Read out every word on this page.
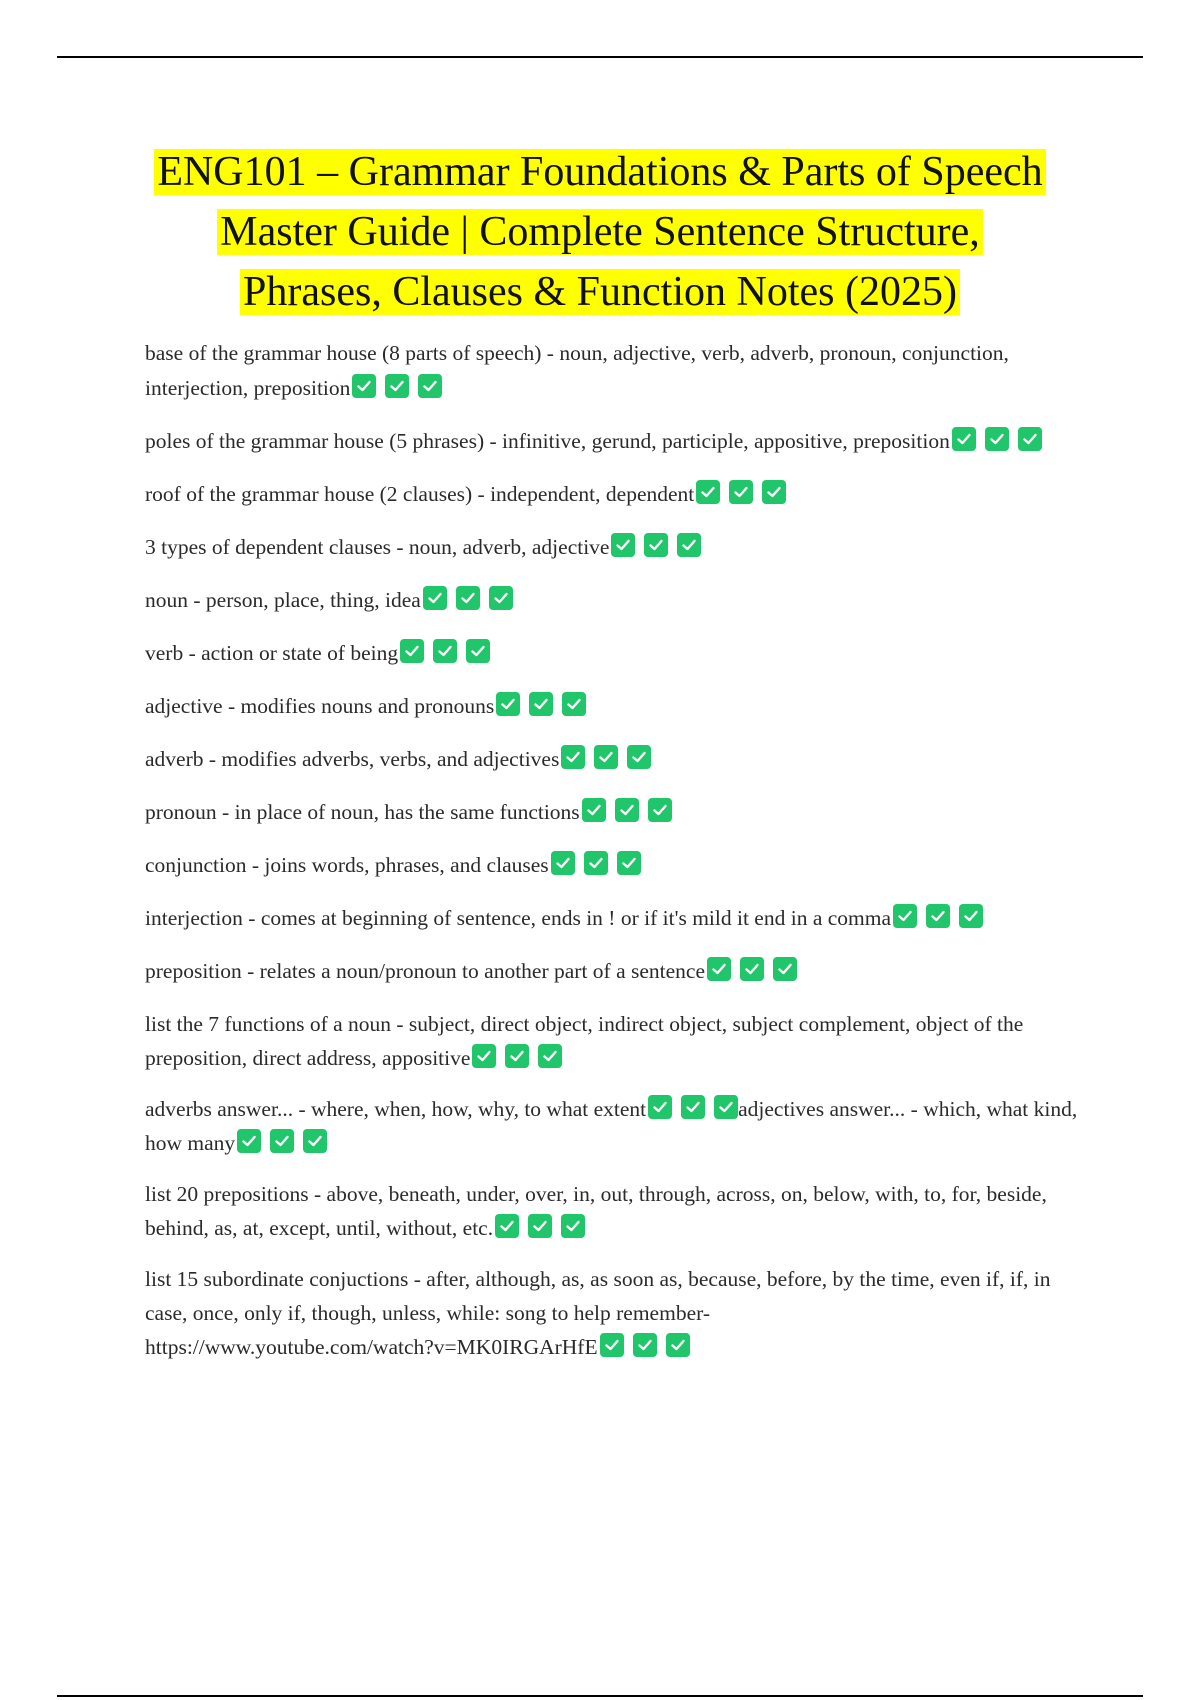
ENG101 – Grammar Foundations & Parts of Speech
Master Guide | Complete Sentence Structure,
Phrases, Clauses & Function Notes (2025)

base of the grammar house (8 parts of speech) - noun, adjective, verb, adverb, pronoun, conjunction, interjection, preposition

poles of the grammar house (5 phrases) - infinitive, gerund, participle, appositive, preposition

roof of the grammar house (2 clauses) - independent, dependent

3 types of dependent clauses - noun, adverb, adjective

noun - person, place, thing, idea

verb - action or state of being

adjective - modifies nouns and pronouns

adverb - modifies adverbs, verbs, and adjectives

pronoun - in place of noun, has the same functions

conjunction - joins words, phrases, and clauses

interjection - comes at beginning of sentence, ends in ! or if it's mild it end in a comma

preposition - relates a noun/pronoun to another part of a sentence

list the 7 functions of a noun - subject, direct object, indirect object, subject complement, object of the preposition, direct address, appositive

adverbs answer... - where, when, how, why, to what extent	adjectives answer... - which, what kind, how many

list 20 prepositions - above, beneath, under, over, in, out, through, across, on, below, with, to, for, beside, behind, as, at, except, until, without, etc.

list 15 subordinate conjuctions - after, although, as, as soon as, because, before, by the time, even if, if, in case, once, only if, though, unless, while: song to help remember-
https://www.youtube.com/watch?v=MK0IRGArHfE
